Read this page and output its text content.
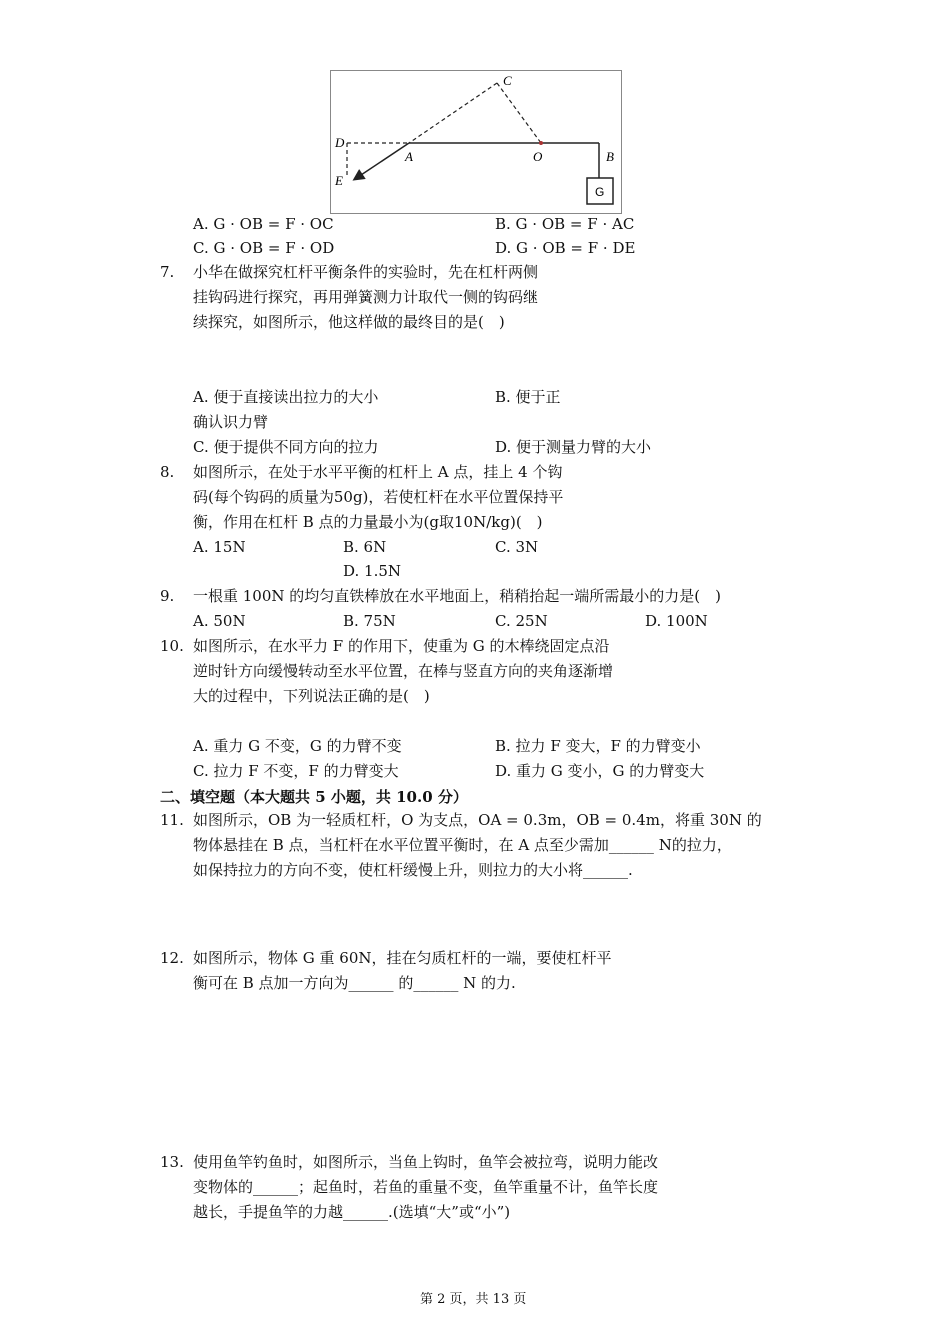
C
D
A	O	B
E
G
A. G · OB = F · OC	B. G · OB = F · AC
C. G · OB = F · OD	D. G · OB = F · DE
7. 小华在做探究杠杆平衡条件的实验时，先在杠杆两侧
挂钩码进行探究，再用弹簧测力计取代一侧的钩码继
续探究，如图所示，他这样做的最终目的是(　)
A. 便于直接读出拉力的大小	B. 便于正
确认识力臂
C. 便于提供不同方向的拉力	D. 便于测量力臂的大小
8. 如图所示，在处于水平平衡的杠杆上 A 点，挂上 4 个钩
码(每个钩码的质量为50g)，若使杠杆在水平位置保持平
衡，作用在杠杆 B 点的力量最小为(g取10N/kg)(　)
A. 15N	B. 6N	C. 3N
D. 1.5N
9. 一根重 100N 的均匀直铁棒放在水平地面上，稍稍抬起一端所需最小的力是(　)
A. 50N	B. 75N	C. 25N	D. 100N
10. 如图所示，在水平力 F 的作用下，使重为 G 的木棒绕固定点沿
逆时针方向缓慢转动至水平位置，在棒与竖直方向的夹角逐渐增
大的过程中，下列说法正确的是(　)
A. 重力 G 不变，G 的力臂不变	B. 拉力 F 变大，F 的力臂变小
C. 拉力 F 不变，F 的力臂变大	D. 重力 G 变小，G 的力臂变大
二、填空题（本大题共 5 小题，共 10.0 分）
11. 如图所示，OB 为一轻质杠杆，O 为支点，OA = 0.3m，OB = 0.4m，将重 30N 的
物体悬挂在 B 点，当杠杆在水平位置平衡时，在 A 点至少需加______ N的拉力，
如保持拉力的方向不变，使杠杆缓慢上升，则拉力的大小将______.
12. 如图所示，物体 G 重 60N，挂在匀质杠杆的一端，要使杠杆平
衡可在 B 点加一方向为______ 的______ N 的力.
13. 使用鱼竿钓鱼时，如图所示，当鱼上钩时，鱼竿会被拉弯，说明力能改
变物体的______；起鱼时，若鱼的重量不变，鱼竿重量不计，鱼竿长度
越长，手提鱼竿的力越______.(选填“大”或“小”)
第 2 页，共 13 页
